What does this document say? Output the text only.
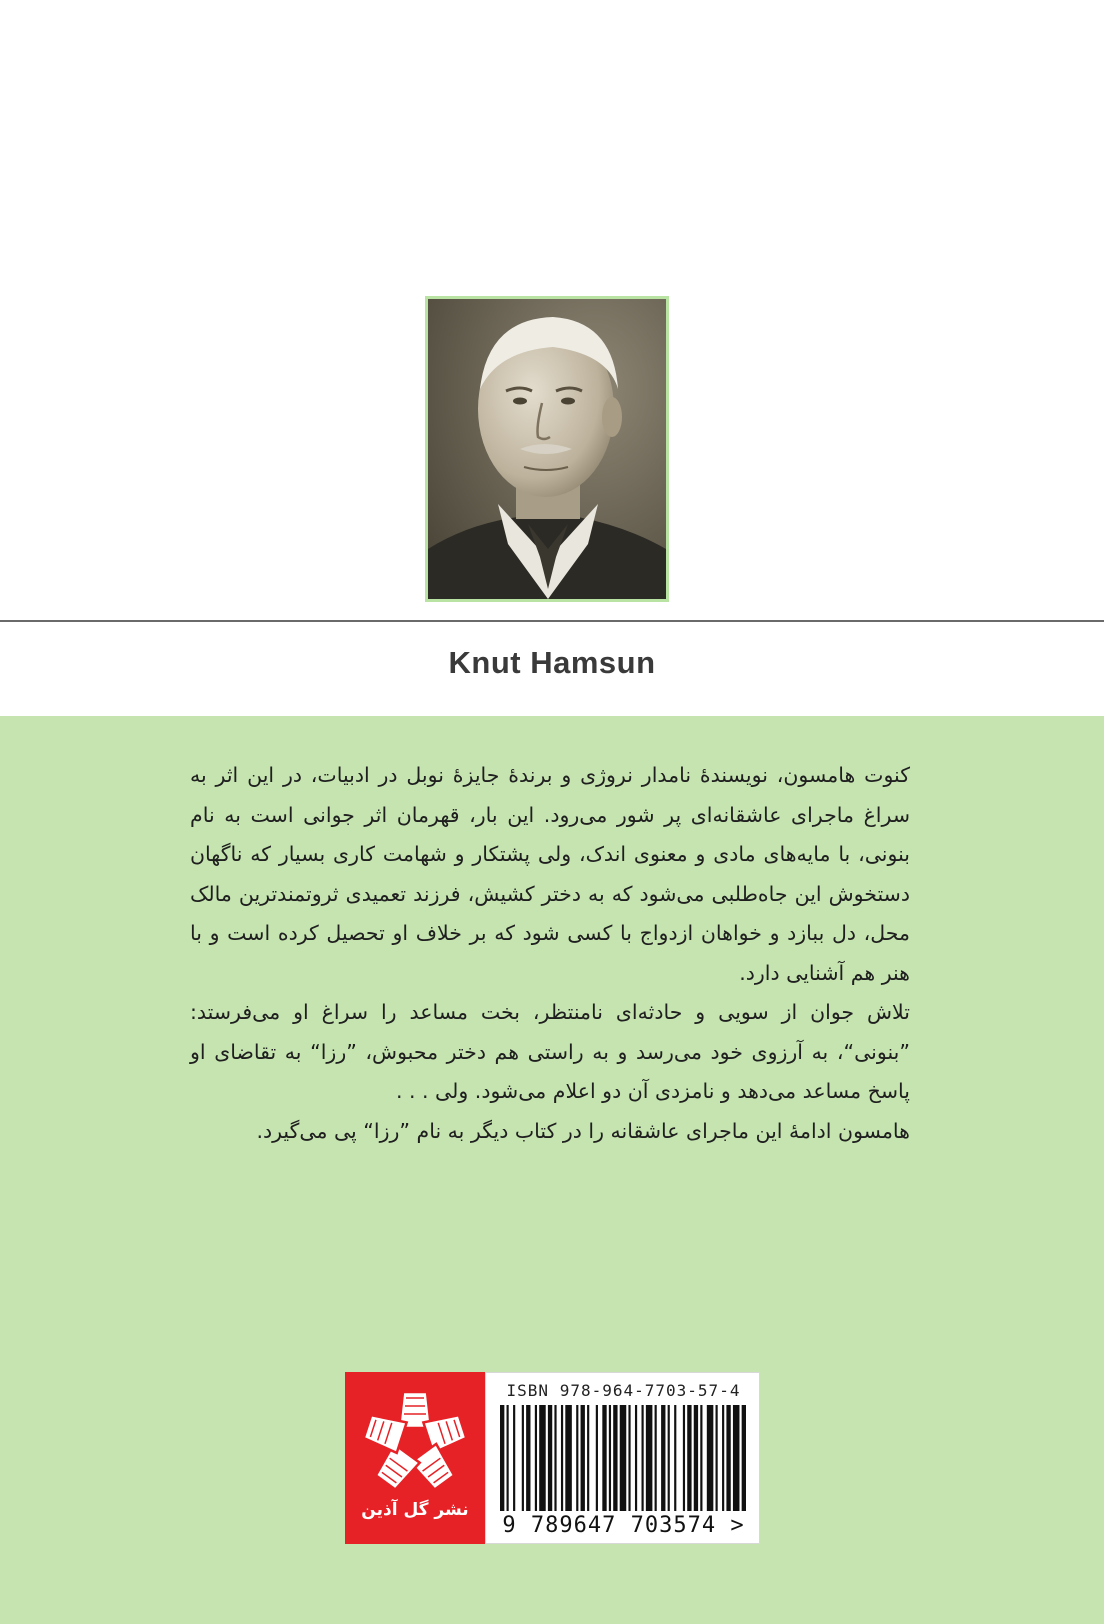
Knut Hamsun

کنوت هامسون، نویسندهٔ نامدار نروژی و برندهٔ جایزهٔ نوبل در ادبیات، در این اثر به سراغ ماجرای عاشقانه‌ای پر شور می‌رود. این بار، قهرمان اثر جوانی است به نام بنونی، با مایه‌های مادی و معنوی اندک، ولی پشتکار و شهامت کاری بسیار که ناگهان دستخوش این جاه‌طلبی می‌شود که به دختر کشیش، فرزند تعمیدی ثروتمندترین مالک محل، دل ببازد و خواهان ازدواج با کسی شود که بر خلاف او تحصیل کرده است و با هنر هم آشنایی دارد.

تلاش جوان از سویی و حادثه‌ای نامنتظر، بخت مساعد را سراغ او می‌فرستد: ”بنونی“، به آرزوی خود می‌رسد و به راستی هم دختر محبوش، ”رزا“ به تقاضای او پاسخ مساعد می‌دهد و نامزدی آن دو اعلام می‌شود. ولی . . .

هامسون ادامهٔ این ماجرای عاشقانه را در کتاب دیگر به نام ”رزا“ پی می‌گیرد.

نشر گل آذین
ISBN 978-964-7703-57-4
9 789647 703574 >
